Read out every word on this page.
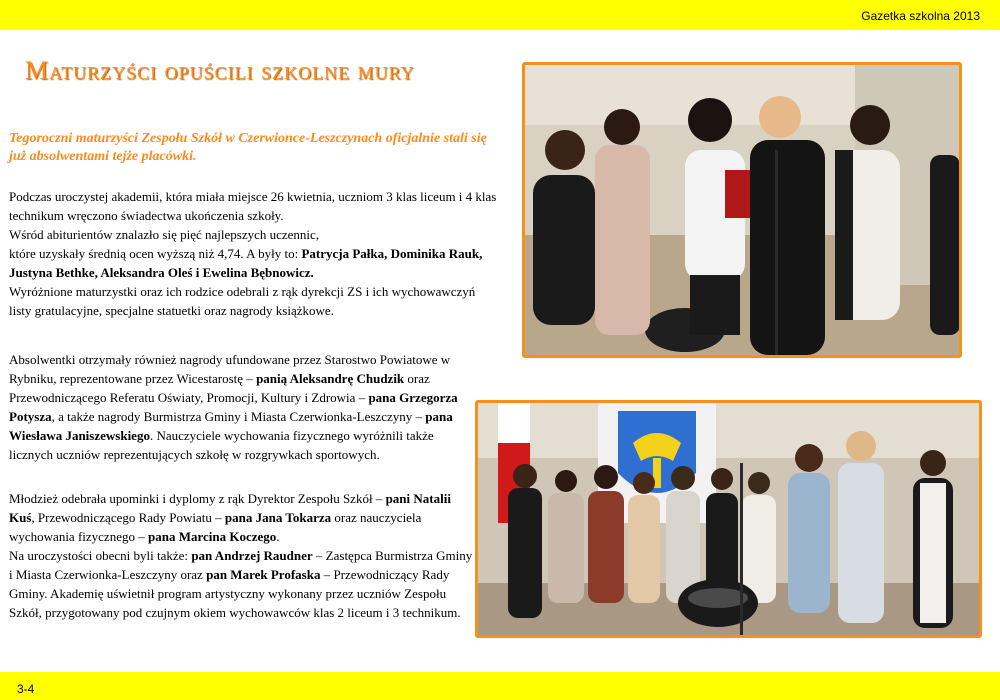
Gazetka szkolna 2013
Maturzyści opuścili szkolne mury
Tegoroczni maturzyści Zespołu Szkół w Czerwionce-Leszczynach oficjalnie stali się już absolwentami tejże placówki.
Podczas uroczystej akademii, która miała miejsce 26 kwietnia, uczniom 3 klas liceum i 4 klas technikum wręczono świadectwa ukończenia szkoły.
Wśród abiturientów znalazło się pięć najlepszych uczennic,
które uzyskały średnią ocen wyższą niż 4,74. A były to: Patrycja Pałka, Dominika Rauk, Justyna Bethke, Aleksandra Oleś i Ewelina Bębnowicz.
Wyróżnione maturzystki oraz ich rodzice odebrali z rąk dyrekcji ZS i ich wychowawczyń listy gratulacyjne, specjalne statuetki oraz nagrody książkowe.
Absolwentki otrzymały również nagrody ufundowane przez Starostwo Powiatowe w Rybniku, reprezentowane przez Wicestarostę – panią Aleksandrę Chudzik oraz Przewodniczącego Referatu Oświaty, Promocji, Kultury i Zdrowia – pana Grzegorza Potysza, a także nagrody Burmistrza Gminy i Miasta Czerwionka-Leszczyny – pana Wiesława Janiszewskiego. Nauczyciele wychowania fizycznego wyróżnili także licznych uczniów reprezentujących szkołę w rozgrywkach sportowych.
Młodzież odebrała upominki i dyplomy z rąk Dyrektor Zespołu Szkół – pani Natalii Kuś, Przewodniczącego Rady Powiatu – pana Jana Tokarza oraz nauczyciela wychowania fizycznego – pana Marcina Koczego.
Na uroczystości obecni byli także: pan Andrzej Raudner – Zastępca Burmistrza Gminy i Miasta Czerwionka-Leszczyny oraz pan Marek Profaska – Przewodniczący Rady Gminy. Akademię uświetnił program artystyczny wykonany przez uczniów Zespołu Szkół, przygotowany pod czujnym okiem wychowawców klas 2 liceum i 3 technikum.
3-4
